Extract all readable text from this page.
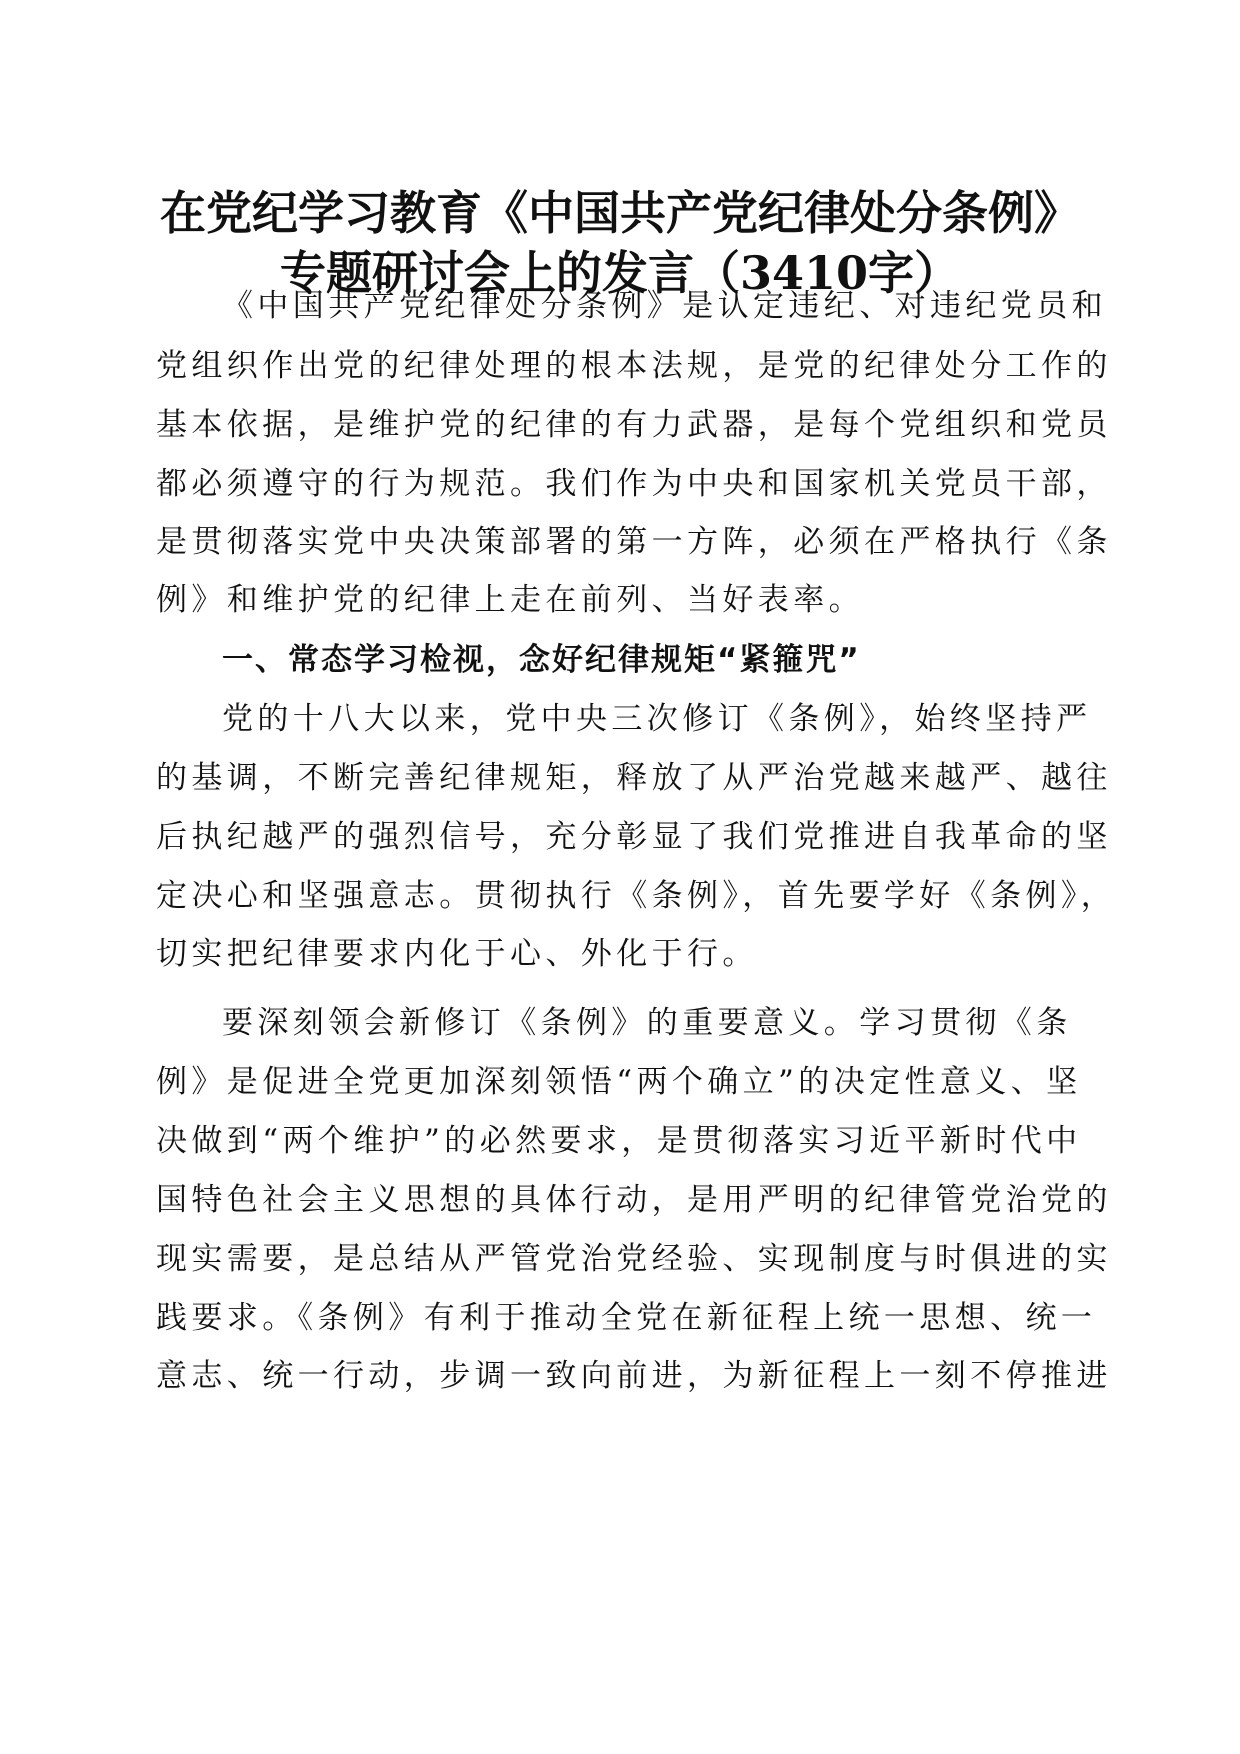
在党纪学习教育《中国共产党纪律处分条例》
专题研讨会上的发言（3410字）
《中国共产党纪律处分条例》是认定违纪、对违纪党员和
党组织作出党的纪律处理的根本法规，是党的纪律处分工作的
基本依据，是维护党的纪律的有力武器，是每个党组织和党员
都必须遵守的行为规范。我们作为中央和国家机关党员干部，
是贯彻落实党中央决策部署的第一方阵，必须在严格执行《条
例》和维护党的纪律上走在前列、当好表率。
一、常态学习检视，念好纪律规矩“紧箍咒”
党的十八大以来，党中央三次修订《条例》，始终坚持严
的基调，不断完善纪律规矩，释放了从严治党越来越严、越往
后执纪越严的强烈信号，充分彰显了我们党推进自我革命的坚
定决心和坚强意志。贯彻执行《条例》，首先要学好《条例》，
切实把纪律要求内化于心、外化于行。
要深刻领会新修订《条例》的重要意义。学习贯彻《条
例》是促进全党更加深刻领悟“两个确立”的决定性意义、坚
决做到“两个维护”的必然要求，是贯彻落实习近平新时代中
国特色社会主义思想的具体行动，是用严明的纪律管党治党的
现实需要，是总结从严管党治党经验、实现制度与时俱进的实
践要求。《条例》有利于推动全党在新征程上统一思想、统一
意志、统一行动，步调一致向前进，为新征程上一刻不停推进
